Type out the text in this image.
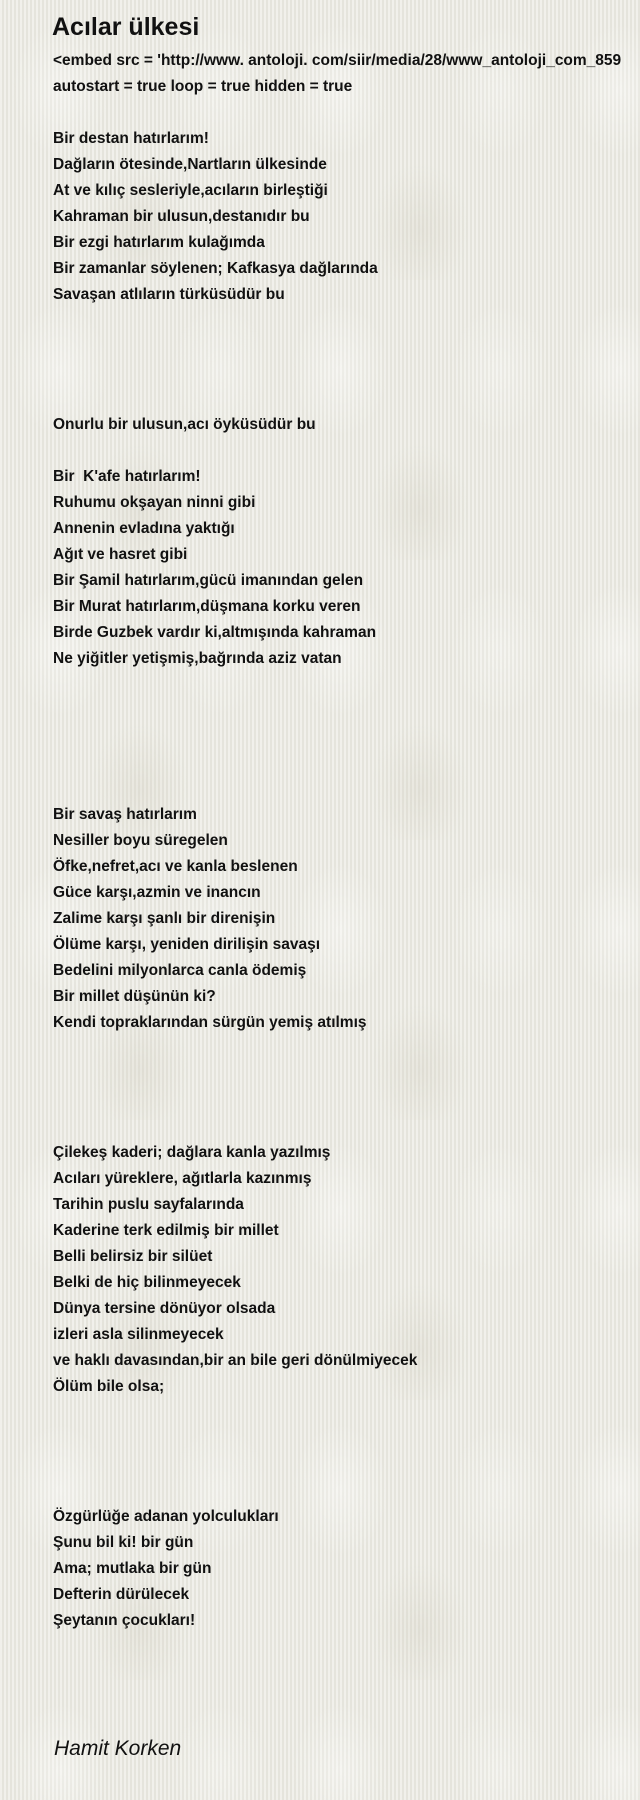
Acılar ülkesi
<embed src = 'http://www. antoloji. com/siir/media/28/www_antoloji_com_859
autostart = true loop = true hidden = true
Bir destan hatırlarım!
Dağların ötesinde,Nartların ülkesinde
At ve kılıç sesleriyle,acıların birleştiği
Kahraman bir ulusun,destanıdır bu
Bir ezgi hatırlarım kulağımda
Bir zamanlar söylenen; Kafkasya dağlarında
Savaşan atlıların türküsüdür bu
Onurlu bir ulusun,acı öyküsüdür bu
Bir  K'afe hatırlarım!
Ruhumu okşayan ninni gibi
Annenin evladına yaktığı
Ağıt ve hasret gibi
Bir Şamil hatırlarım,gücü imanından gelen
Bir Murat hatırlarım,düşmana korku veren
Birde Guzbek vardır ki,altmışında kahraman
Ne yiğitler yetişmiş,bağrında aziz vatan
Bir savaş hatırlarım
Nesiller boyu süregelen
Öfke,nefret,acı ve kanla beslenen
Güce karşı,azmin ve inancın
Zalime karşı şanlı bir direnişin
Ölüme karşı, yeniden dirilişin savaşı
Bedelini milyonlarca canla ödemiş
Bir millet düşünün ki?
Kendi topraklarından sürgün yemiş atılmış
Çilekeş kaderi; dağlara kanla yazılmış
Acıları yüreklere, ağıtlarla kazınmış
Tarihin puslu sayfalarında
Kaderine terk edilmiş bir millet
Belli belirsiz bir silüet
Belki de hiç bilinmeyecek
Dünya tersine dönüyor olsada
izleri asla silinmeyecek
ve haklı davasından,bir an bile geri dönülmiyecek
Ölüm bile olsa;
Özgürlüğe adanan yolculukları
Şunu bil ki! bir gün
Ama; mutlaka bir gün
Defterin dürülecek
Şeytanın çocukları!
Hamit Korken
